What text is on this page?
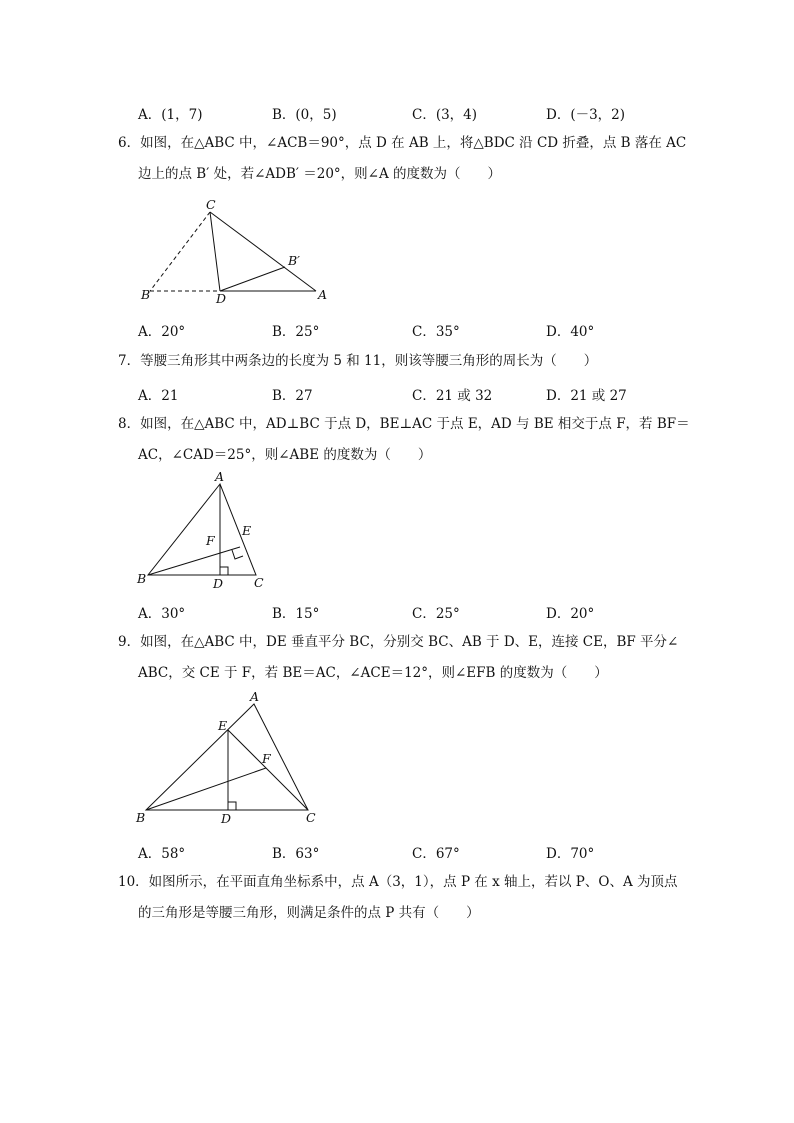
A．(1，7)	B．(0，5)	C．(3，4)	D．(－3，2)
6．如图，在△ABC 中，∠ACB＝90°，点 D 在 AB 上，将△BDC 沿 CD 折叠，点 B 落在 AC
边上的点 B′ 处，若∠ADB′ ＝20°，则∠A 的度数为（　　）
C
B′
B	D	A
A．20°	B．25°	C．35°	D．40°
7．等腰三角形其中两条边的长度为 5 和 11，则该等腰三角形的周长为（　　）
A．21	B．27	C．21 或 32	D．21 或 27
8．如图，在△ABC 中，AD⊥BC 于点 D，BE⊥AC 于点 E，AD 与 BE 相交于点 F，若 BF＝
AC，∠CAD＝25°，则∠ABE 的度数为（　　）
A
E
F
B	D C
A．30°	B．15°	C．25°	D．20°
9．如图，在△ABC 中，DE 垂直平分 BC，分别交 BC、AB 于 D、E，连接 CE，BF 平分∠
ABC，交 CE 于 F，若 BE＝AC，∠ACE＝12°，则∠EFB 的度数为（　　）
A
E
F
B	D	C
A．58°	B．63°	C．67°	D．70°
10．如图所示，在平面直角坐标系中，点 A（3，1），点 P 在 x 轴上，若以 P、O、A 为顶点
的三角形是等腰三角形，则满足条件的点 P 共有（　　）
